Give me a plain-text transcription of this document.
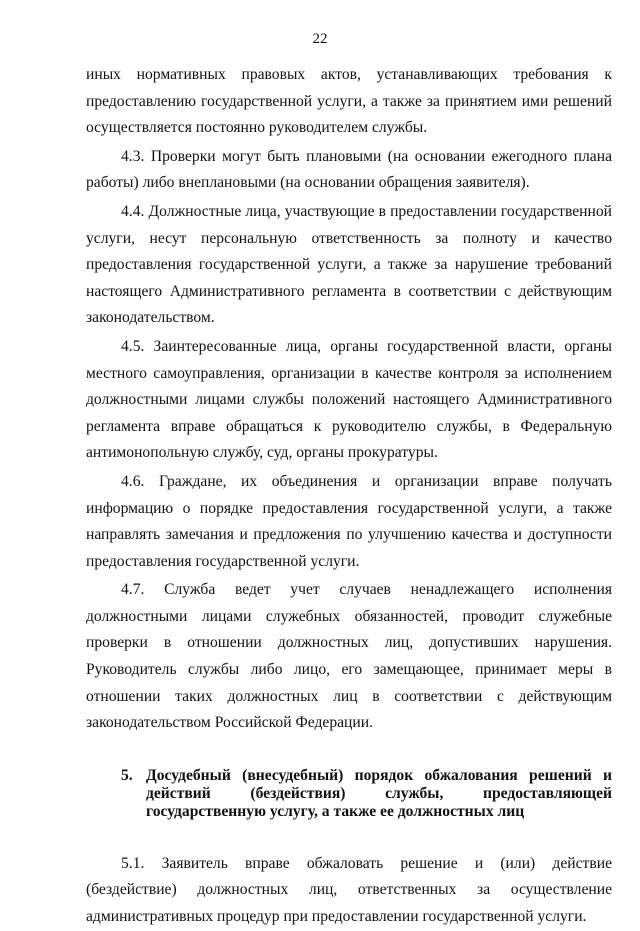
22

иных нормативных правовых актов, устанавливающих требования к предоставлению государственной услуги, а также за принятием ими решений осуществляется постоянно руководителем службы.

4.3. Проверки могут быть плановыми (на основании ежегодного плана работы) либо внеплановыми (на основании обращения заявителя).

4.4. Должностные лица, участвующие в предоставлении государственной услуги, несут персональную ответственность за полноту и качество предоставления государственной услуги, а также за нарушение требований настоящего Административного регламента в соответствии с действующим законодательством.

4.5. Заинтересованные лица, органы государственной власти, органы местного самоуправления, организации в качестве контроля за исполнением должностными лицами службы положений настоящего Административного регламента вправе обращаться к руководителю службы, в Федеральную антимонопольную службу, суд, органы прокуратуры.

4.6. Граждане, их объединения и организации вправе получать информацию о порядке предоставления государственной услуги, а также направлять замечания и предложения по улучшению качества и доступности предоставления государственной услуги.

4.7. Служба ведет учет случаев ненадлежащего исполнения должностными лицами служебных обязанностей, проводит служебные проверки в отношении должностных лиц, допустивших нарушения. Руководитель службы либо лицо, его замещающее, принимает меры в отношении таких должностных лиц в соответствии с действующим законодательством Российской Федерации.

5. Досудебный (внесудебный) порядок обжалования решений и действий (бездействия) службы, предоставляющей государственную услугу, а также ее должностных лиц

5.1. Заявитель вправе обжаловать решение и (или) действие (бездействие) должностных лиц, ответственных за осуществление административных процедур при предоставлении государственной услуги.
